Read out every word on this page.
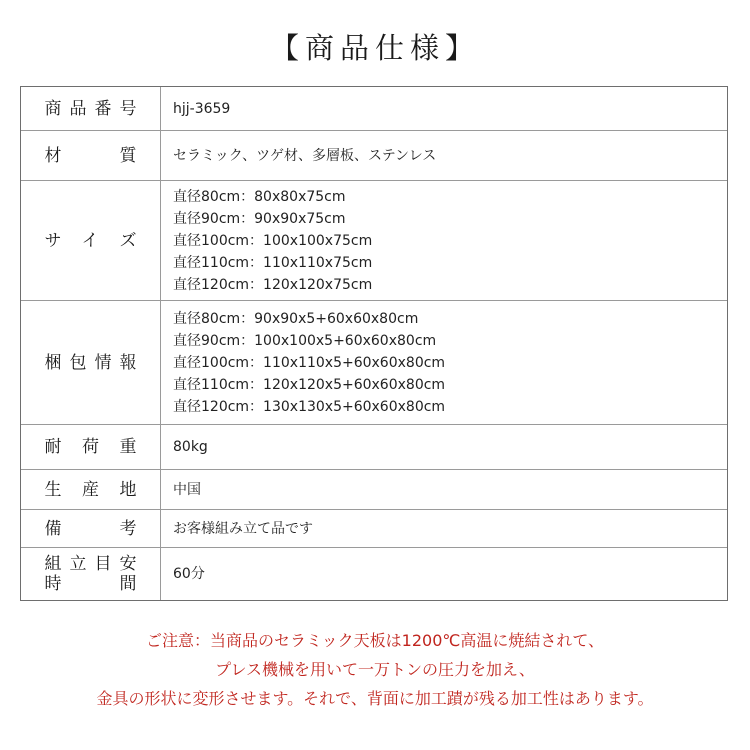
【商品仕様】
商品番号	hjj-3659
材　　質	セラミック、ツゲ材、多層板、ステンレス
サイズ
直径80cm：80x80x75cm
直径90cm：90x90x75cm
直径100cm：100x100x75cm
直径110cm：110x110x75cm
直径120cm：120x120x75cm
梱包情報
直径80cm：90x90x5+60x60x80cm
直径90cm：100x100x5+60x60x80cm
直径100cm：110x110x5+60x60x80cm
直径110cm：120x120x5+60x60x80cm
直径120cm：130x130x5+60x60x80cm
耐荷重	80kg
生産地	中国
備　　考	お客様組み立て品です
組立目安
時　　間	60分
ご注意：当商品のセラミック天板は1200℃高温に焼結されて、
プレス機械を用いて一万トンの圧力を加え、
金具の形状に変形させます。それで、背面に加工蹟が残る加工性はあります。
